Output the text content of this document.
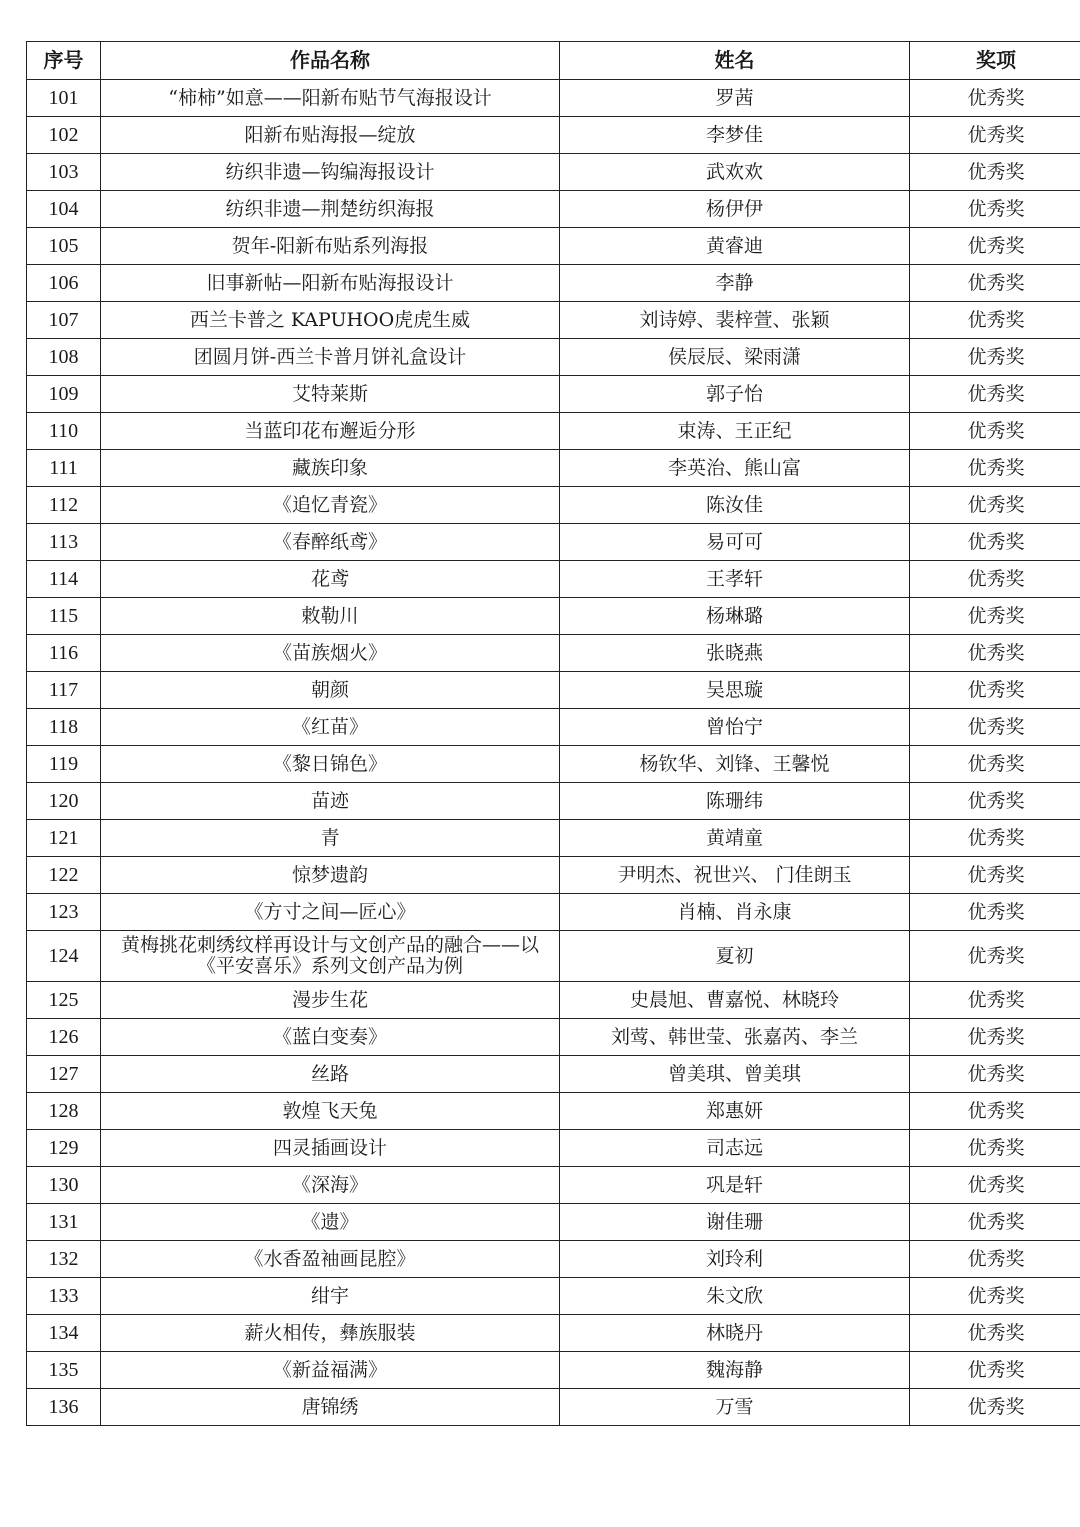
序号	作品名称	姓名	奖项
101	“柿柿”如意——阳新布贴节气海报设计	罗茜	优秀奖
102	阳新布贴海报—绽放	李梦佳	优秀奖
103	纺织非遗—钩编海报设计	武欢欢	优秀奖
104	纺织非遗—荆楚纺织海报	杨伊伊	优秀奖
105	贺年-阳新布贴系列海报	黄睿迪	优秀奖
106	旧事新帖—阳新布贴海报设计	李静	优秀奖
107	西兰卡普之 KAPUHOO虎虎生威	刘诗婷、裴梓萱、张颖	优秀奖
108	团圆月饼-西兰卡普月饼礼盒设计	侯辰辰、梁雨潇	优秀奖
109	艾特莱斯	郭子怡	优秀奖
110	当蓝印花布邂逅分形	束涛、王正纪	优秀奖
111	藏族印象	李英治、熊山富	优秀奖
112	《追忆青瓷》	陈汝佳	优秀奖
113	《春醉纸鸢》	易可可	优秀奖
114	花鸢	王孝轩	优秀奖
115	敕勒川	杨琳璐	优秀奖
116	《苗族烟火》	张晓燕	优秀奖
117	朝颜	吴思璇	优秀奖
118	《红苗》	曾怡宁	优秀奖
119	《黎日锦色》	杨钦华、刘锋、王馨悦	优秀奖
120	苗迹	陈珊纬	优秀奖
121	青	黄靖童	优秀奖
122	惊梦遗韵	尹明杰、祝世兴、 门佳朗玉	优秀奖
123	《方寸之间—匠心》	肖楠、肖永康	优秀奖
124	黄梅挑花刺绣纹样再设计与文创产品的融合——以《平安喜乐》系列文创产品为例	夏初	优秀奖
125	漫步生花	史晨旭、曹嘉悦、林晓玲	优秀奖
126	《蓝白变奏》	刘莺、韩世莹、张嘉芮、李兰	优秀奖
127	丝路	曾美琪、曾美琪	优秀奖
128	敦煌飞天兔	郑惠妍	优秀奖
129	四灵插画设计	司志远	优秀奖
130	《深海》	巩是轩	优秀奖
131	《遗》	谢佳珊	优秀奖
132	《水香盈袖画昆腔》	刘玲利	优秀奖
133	绀宇	朱文欣	优秀奖
134	薪火相传，彝族服装	林晓丹	优秀奖
135	《新益福满》	魏海静	优秀奖
136	唐锦绣	万雪	优秀奖
